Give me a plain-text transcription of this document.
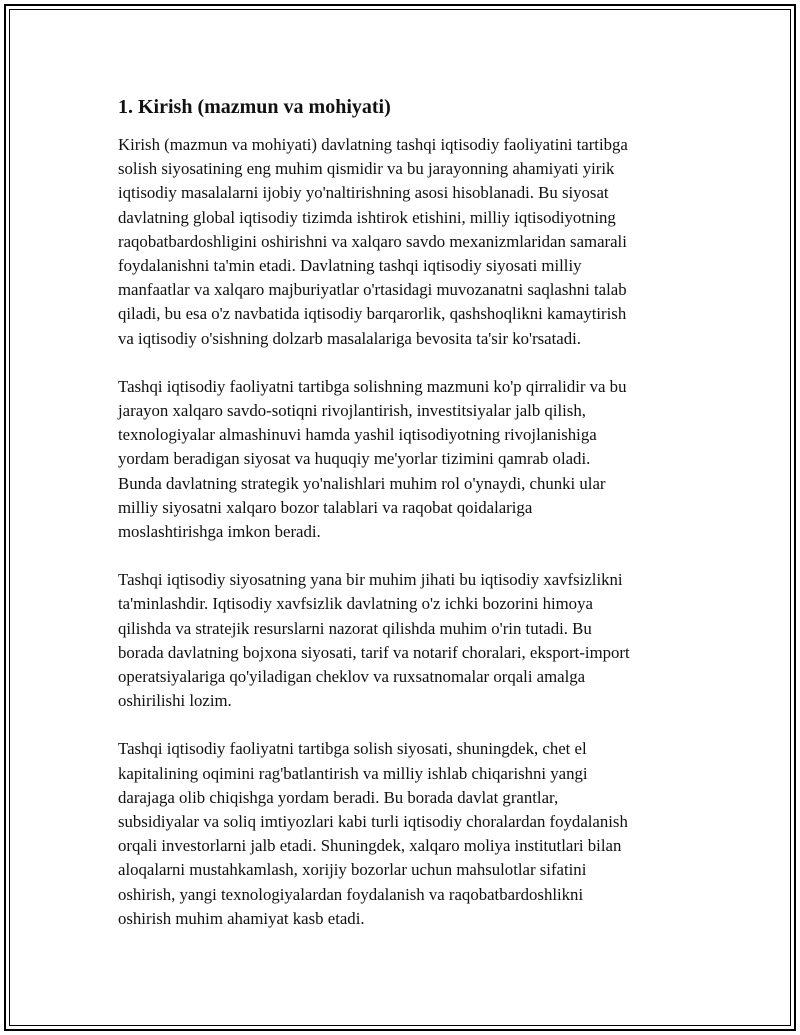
1. Kirish (mazmun va mohiyati)

Kirish (mazmun va mohiyati) davlatning tashqi iqtisodiy faoliyatini tartibga
solish siyosatining eng muhim qismidir va bu jarayonning ahamiyati yirik
iqtisodiy masalalarni ijobiy yo'naltirishning asosi hisoblanadi. Bu siyosat
davlatning global iqtisodiy tizimda ishtirok etishini, milliy iqtisodiyotning
raqobatbardoshligini oshirishni va xalqaro savdo mexanizmlaridan samarali
foydalanishni ta'min etadi. Davlatning tashqi iqtisodiy siyosati milliy
manfaatlar va xalqaro majburiyatlar o'rtasidagi muvozanatni saqlashni talab
qiladi, bu esa o'z navbatida iqtisodiy barqarorlik, qashshoqlikni kamaytirish
va iqtisodiy o'sishning dolzarb masalalariga bevosita ta'sir ko'rsatadi.

Tashqi iqtisodiy faoliyatni tartibga solishning mazmuni ko'p qirralidir va bu
jarayon xalqaro savdo-sotiqni rivojlantirish, investitsiyalar jalb qilish,
texnologiyalar almashinuvi hamda yashil iqtisodiyotning rivojlanishiga
yordam beradigan siyosat va huquqiy me'yorlar tizimini qamrab oladi.
Bunda davlatning strategik yo'nalishlari muhim rol o'ynaydi, chunki ular
milliy siyosatni xalqaro bozor talablari va raqobat qoidalariga
moslashtirishga imkon beradi.

Tashqi iqtisodiy siyosatning yana bir muhim jihati bu iqtisodiy xavfsizlikni
ta'minlashdir. Iqtisodiy xavfsizlik davlatning o'z ichki bozorini himoya
qilishda va stratejik resurslarni nazorat qilishda muhim o'rin tutadi. Bu
borada davlatning bojxona siyosati, tarif va notarif choralari, eksport-import
operatsiyalariga qo'yiladigan cheklov va ruxsatnomalar orqali amalga
oshirilishi lozim.

Tashqi iqtisodiy faoliyatni tartibga solish siyosati, shuningdek, chet el
kapitalining oqimini rag'batlantirish va milliy ishlab chiqarishni yangi
darajaga olib chiqishga yordam beradi. Bu borada davlat grantlar,
subsidiyalar va soliq imtiyozlari kabi turli iqtisodiy choralardan foydalanish
orqali investorlarni jalb etadi. Shuningdek, xalqaro moliya institutlari bilan
aloqalarni mustahkamlash, xorijiy bozorlar uchun mahsulotlar sifatini
oshirish, yangi texnologiyalardan foydalanish va raqobatbardoshlikni
oshirish muhim ahamiyat kasb etadi.
